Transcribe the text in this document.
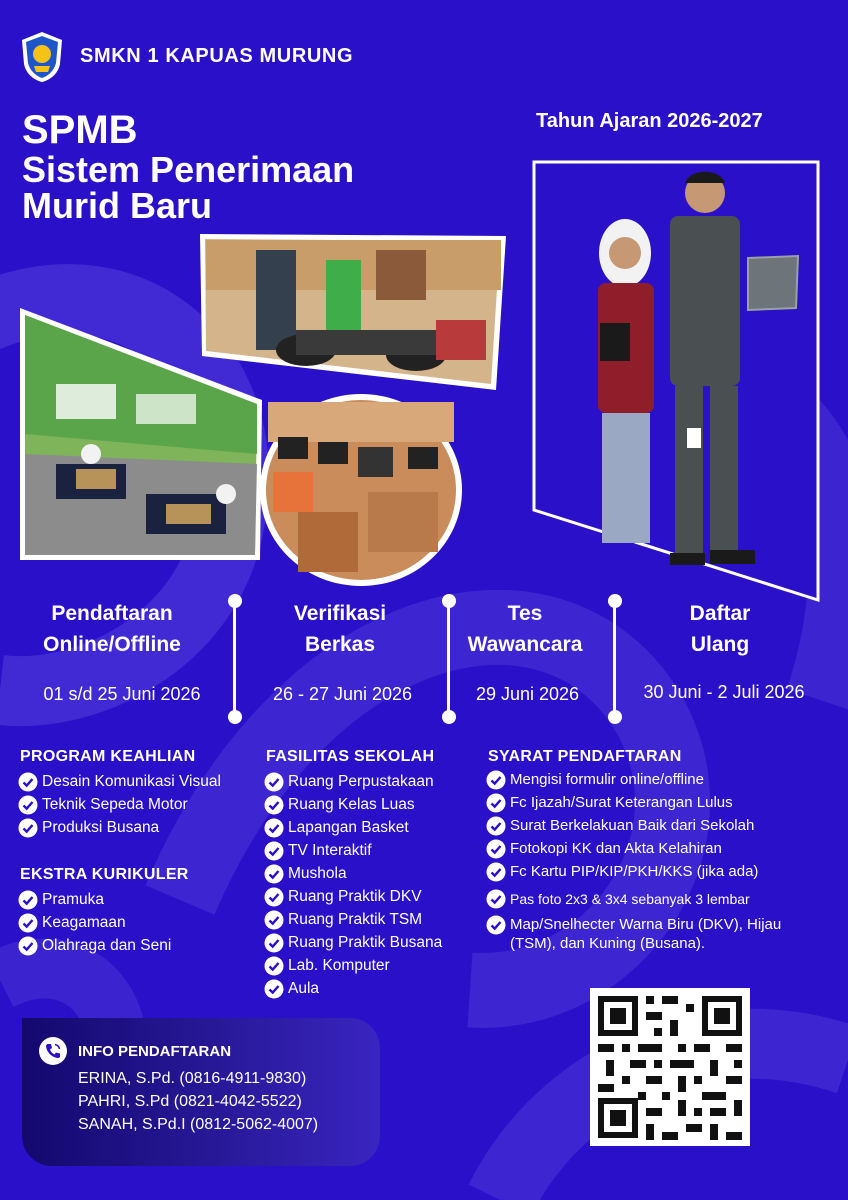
SMKN 1 KAPUAS MURUNG
Tahun Ajaran 2026-2027
SPMB
Sistem Penerimaan
Murid Baru
Pendaftaran
Online/Offline
01 s/d 25 Juni 2026
Verifikasi
Berkas
26 - 27 Juni 2026
Tes
Wawancara
29 Juni 2026
Daftar
Ulang
30 Juni - 2 Juli 2026
PROGRAM KEAHLIAN
Desain Komunikasi Visual
Teknik Sepeda Motor
Produksi Busana
EKSTRA KURIKULER
Pramuka
Keagamaan
Olahraga dan Seni
FASILITAS SEKOLAH
Ruang Perpustakaan
Ruang Kelas Luas
Lapangan Basket
TV Interaktif
Mushola
Ruang Praktik DKV
Ruang Praktik TSM
Ruang Praktik Busana
Lab. Komputer
Aula
SYARAT PENDAFTARAN
Mengisi formulir online/offline
Fc Ijazah/Surat Keterangan Lulus
Surat Berkelakuan Baik dari Sekolah
Fotokopi KK dan Akta Kelahiran
Fc Kartu PIP/KIP/PKH/KKS (jika ada)
Pas foto 2x3 & 3x4 sebanyak 3 lembar
Map/Snelhecter Warna Biru (DKV), Hijau (TSM), dan Kuning (Busana).
INFO PENDAFTARAN
ERINA, S.Pd. (0816-4911-9830)
PAHRI, S.Pd (0821-4042-5522)
SANAH, S.Pd.I (0812-5062-4007)
